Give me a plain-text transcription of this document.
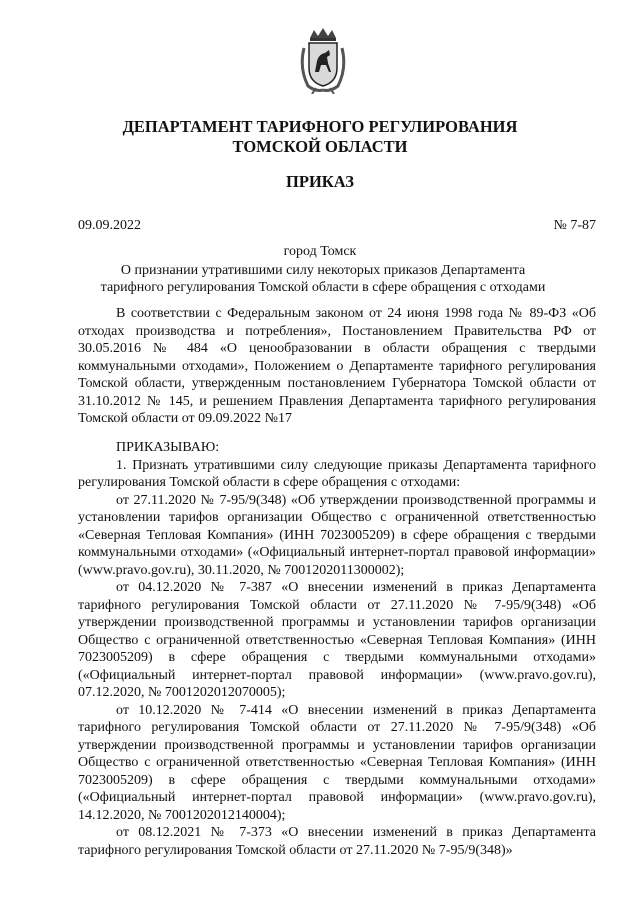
ДЕПАРТАМЕНТ ТАРИФНОГО РЕГУЛИРОВАНИЯ
ТОМСКОЙ ОБЛАСТИ
ПРИКАЗ
09.09.2022	№ 7-87
город Томск
О признании утратившими силу некоторых приказов Департамента тарифного регулирования Томской области в сфере обращения с отходами

В соответствии с Федеральным законом от 24 июня 1998 года № 89-ФЗ «Об отходах производства и потребления», Постановлением Правительства РФ от 30.05.2016 № 484 «О ценообразовании в области обращения с твердыми коммунальными отходами», Положением о Департаменте тарифного регулирования Томской области, утвержденным постановлением Губернатора Томской области от 31.10.2012 № 145, и решением Правления Департамента тарифного регулирования Томской области от 09.09.2022 №17

ПРИКАЗЫВАЮ:

1. Признать утратившими силу следующие приказы Департамента тарифного регулирования Томской области в сфере обращения с отходами:

от 27.11.2020 № 7-95/9(348) «Об утверждении производственной программы и установлении тарифов организации Общество с ограниченной ответственностью «Северная Тепловая Компания» (ИНН 7023005209) в сфере обращения с твердыми коммунальными отходами» («Официальный интернет-портал правовой информации» (www.pravo.gov.ru), 30.11.2020, № 7001202011300002);

от 04.12.2020 № 7-387 «О внесении изменений в приказ Департамента тарифного регулирования Томской области от 27.11.2020 № 7-95/9(348) «Об утверждении производственной программы и установлении тарифов организации Общество с ограниченной ответственностью «Северная Тепловая Компания» (ИНН 7023005209) в сфере обращения с твердыми коммунальными отходами» («Официальный интернет-портал правовой информации» (www.pravo.gov.ru), 07.12.2020, № 7001202012070005);

от 10.12.2020 № 7-414 «О внесении изменений в приказ Департамента тарифного регулирования Томской области от 27.11.2020 № 7-95/9(348) «Об утверждении производственной программы и установлении тарифов организации Общество с ограниченной ответственностью «Северная Тепловая Компания» (ИНН 7023005209) в сфере обращения с твердыми коммунальными отходами» («Официальный интернет-портал правовой информации» (www.pravo.gov.ru), 14.12.2020, № 7001202012140004);

от 08.12.2021 № 7-373 «О внесении изменений в приказ Департамента тарифного регулирования Томской области от 27.11.2020 № 7-95/9(348)»
